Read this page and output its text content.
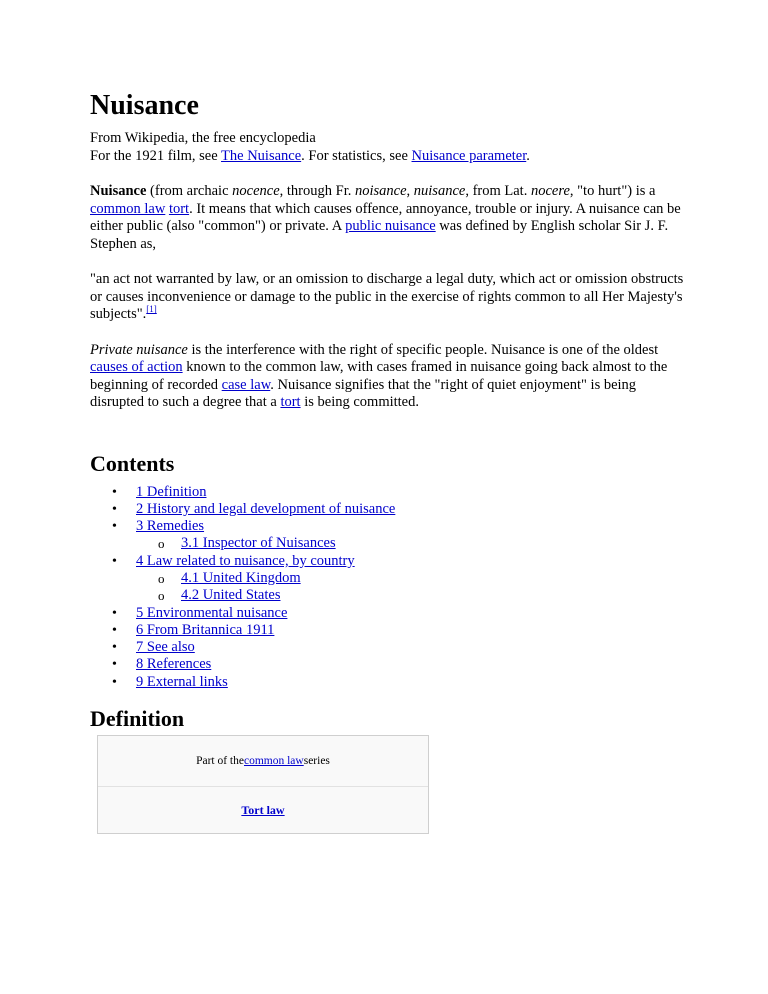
Nuisance
From Wikipedia, the free encyclopedia
For the 1921 film, see The Nuisance. For statistics, see Nuisance parameter.

Nuisance (from archaic nocence, through Fr. noisance, nuisance, from Lat. nocere, "to hurt") is a common law tort. It means that which causes offence, annoyance, trouble or injury. A nuisance can be either public (also "common") or private. A public nuisance was defined by English scholar Sir J. F. Stephen as,

"an act not warranted by law, or an omission to discharge a legal duty, which act or omission obstructs or causes inconvenience or damage to the public in the exercise of rights common to all Her Majesty's subjects".[1]

Private nuisance is the interference with the right of specific people. Nuisance is one of the oldest causes of action known to the common law, with cases framed in nuisance going back almost to the beginning of recorded case law. Nuisance signifies that the "right of quiet enjoyment" is being disrupted to such a degree that a tort is being committed.

Contents
• 1 Definition
• 2 History and legal development of nuisance
• 3 Remedies
o 3.1 Inspector of Nuisances
• 4 Law related to nuisance, by country
o 4.1 United Kingdom
o 4.2 United States
• 5 Environmental nuisance
• 6 From Britannica 1911
• 7 See also
• 8 References
• 9 External links
Definition
Part of the common law series
Tort law
